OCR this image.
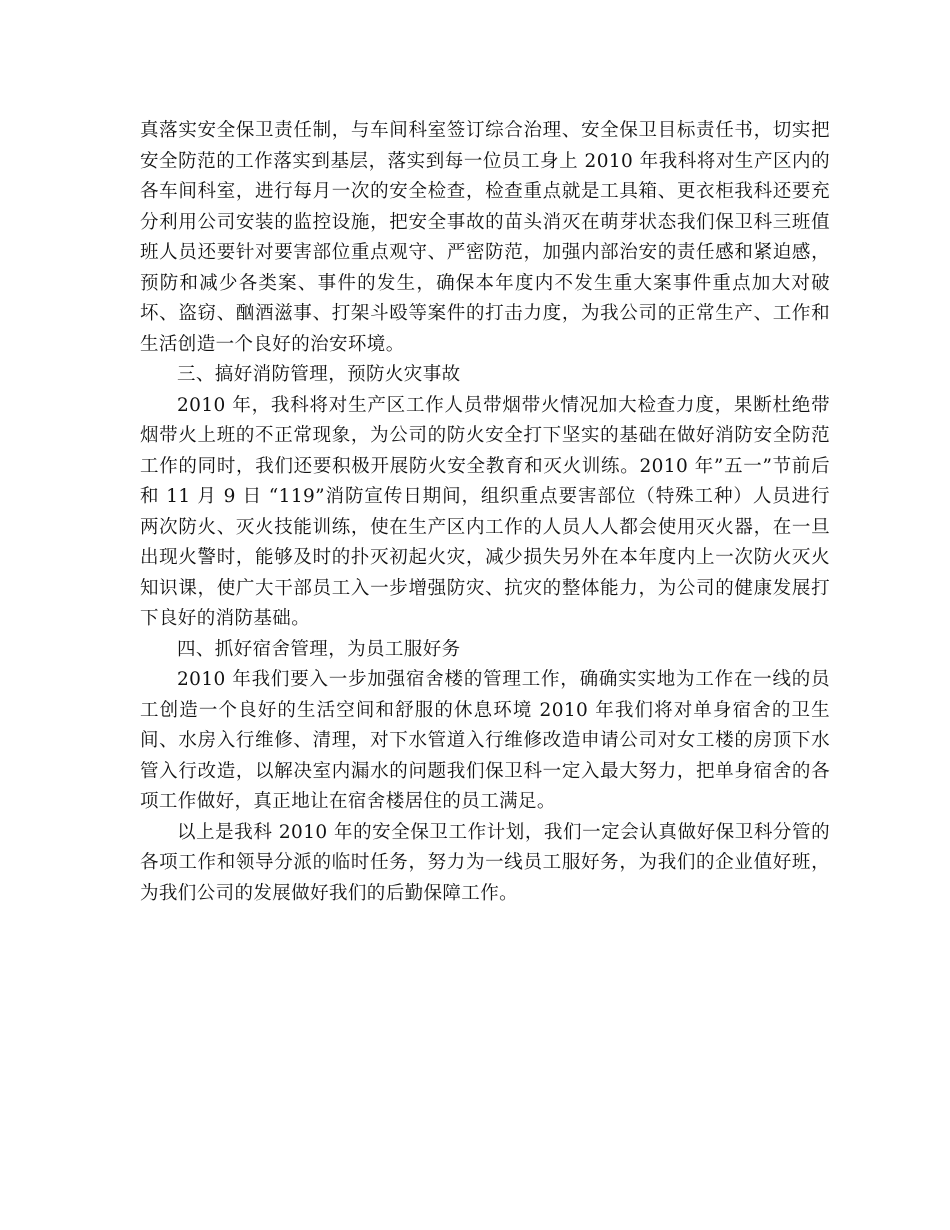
真落实安全保卫责任制，与车间科室签订综合治理、安全保卫目标责任书，切实把安全防范的工作落实到基层，落实到每一位员工身上 2010 年我科将对生产区内的各车间科室，进行每月一次的安全检查，检查重点就是工具箱、更衣柜我科还要充分利用公司安装的监控设施，把安全事故的苗头消灭在萌芽状态我们保卫科三班值班人员还要针对要害部位重点观守、严密防范，加强内部治安的责任感和紧迫感，预防和减少各类案、事件的发生，确保本年度内不发生重大案事件重点加大对破坏、盗窃、酗酒滋事、打架斗殴等案件的打击力度，为我公司的正常生产、工作和生活创造一个良好的治安环境。

三、搞好消防管理，预防火灾事故

2010 年，我科将对生产区工作人员带烟带火情况加大检查力度，果断杜绝带烟带火上班的不正常现象，为公司的防火安全打下坚实的基础在做好消防安全防范工作的同时，我们还要积极开展防火安全教育和灭火训练。2010 年”五一”节前后和 11 月 9 日 “119”消防宣传日期间，组织重点要害部位（特殊工种）人员进行两次防火、灭火技能训练，使在生产区内工作的人员人人都会使用灭火器，在一旦出现火警时，能够及时的扑灭初起火灾，减少损失另外在本年度内上一次防火灭火知识课，使广大干部员工入一步增强防灾、抗灾的整体能力，为公司的健康发展打下良好的消防基础。

四、抓好宿舍管理，为员工服好务

2010 年我们要入一步加强宿舍楼的管理工作，确确实实地为工作在一线的员工创造一个良好的生活空间和舒服的休息环境 2010 年我们将对单身宿舍的卫生间、水房入行维修、清理，对下水管道入行维修改造申请公司对女工楼的房顶下水管入行改造，以解决室内漏水的问题我们保卫科一定入最大努力，把单身宿舍的各项工作做好，真正地让在宿舍楼居住的员工满足。

以上是我科 2010 年的安全保卫工作计划，我们一定会认真做好保卫科分管的各项工作和领导分派的临时任务，努力为一线员工服好务，为我们的企业值好班，为我们公司的发展做好我们的后勤保障工作。
